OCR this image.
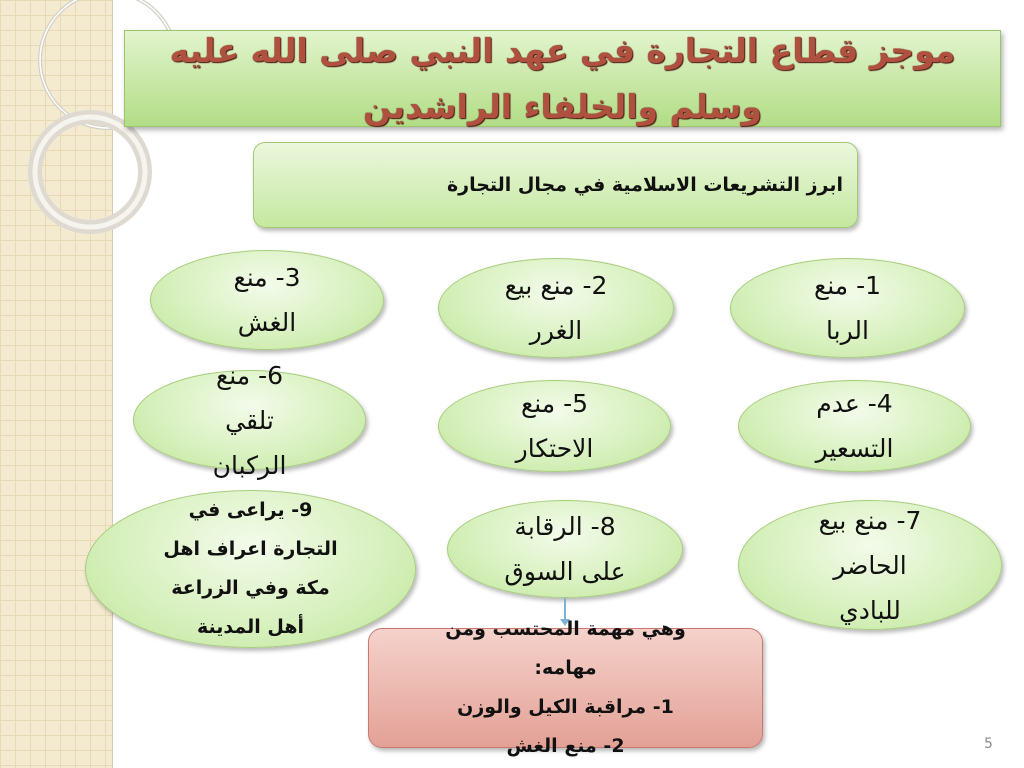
موجز قطاع التجارة في عهد النبي صلى الله عليه
وسلم والخلفاء الراشدين
ابرز التشريعات الاسلامية في مجال التجارة
1- منع
الربا
2- منع بيع
الغرر
3- منع
الغش
4- عدم
التسعير
5- منع
الاحتكار
6- منع
تلقي
الركبان
7- منع بيع
الحاضر
للبادي
8- الرقابة
على السوق
9- يراعى في
التجارة اعراف اهل
مكة وفي الزراعة
أهل المدينة	وهي مهمة المحتسب ومن
مهامه:
1- مراقبة الكيل والوزن
2- منع الغش	5
